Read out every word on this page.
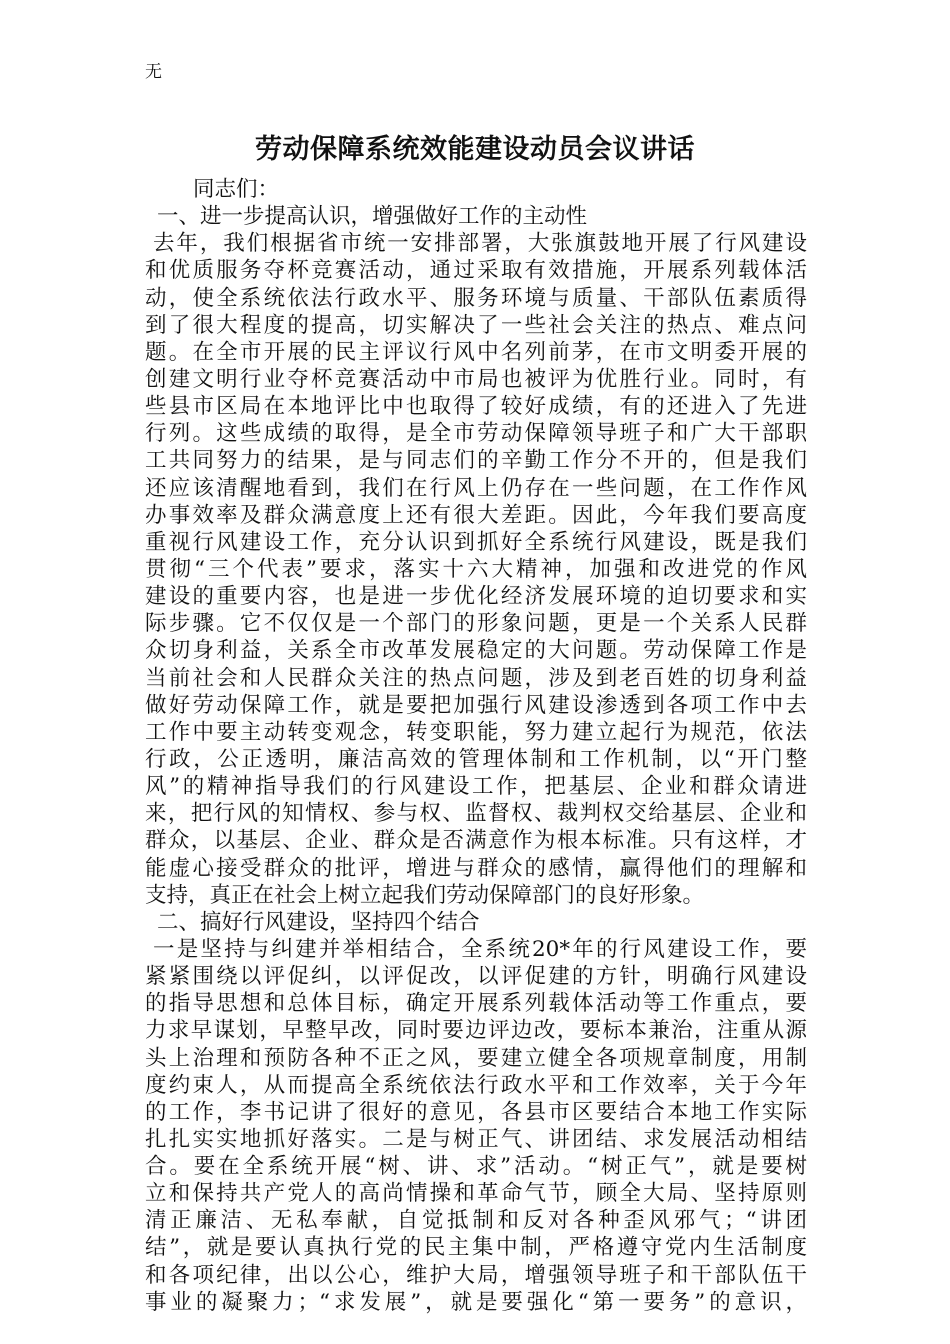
无
劳动保障系统效能建设动员会议讲话
同志们：
一、进一步提高认识，增强做好工作的主动性
去年，我们根据省市统一安排部署，大张旗鼓地开展了行风建设
和优质服务夺杯竞赛活动，通过采取有效措施，开展系列载体活
动，使全系统依法行政水平、服务环境与质量、干部队伍素质得
到了很大程度的提高，切实解决了一些社会关注的热点、难点问
题。在全市开展的民主评议行风中名列前茅，在市文明委开展的
创建文明行业夺杯竞赛活动中市局也被评为优胜行业。同时，有
些县市区局在本地评比中也取得了较好成绩，有的还进入了先进
行列。这些成绩的取得，是全市劳动保障领导班子和广大干部职
工共同努力的结果，是与同志们的辛勤工作分不开的，但是我们
还应该清醒地看到，我们在行风上仍存在一些问题，在工作作风
办事效率及群众满意度上还有很大差距。因此，今年我们要高度
重视行风建设工作，充分认识到抓好全系统行风建设，既是我们
贯彻“三个代表”要求，落实十六大精神，加强和改进党的作风
建设的重要内容，也是进一步优化经济发展环境的迫切要求和实
际步骤。它不仅仅是一个部门的形象问题，更是一个关系人民群
众切身利益，关系全市改革发展稳定的大问题。劳动保障工作是
当前社会和人民群众关注的热点问题，涉及到老百姓的切身利益
做好劳动保障工作，就是要把加强行风建设渗透到各项工作中去
工作中要主动转变观念，转变职能，努力建立起行为规范，依法
行政，公正透明，廉洁高效的管理体制和工作机制，以“开门整
风”的精神指导我们的行风建设工作，把基层、企业和群众请进
来，把行风的知情权、参与权、监督权、裁判权交给基层、企业和
群众，以基层、企业、群众是否满意作为根本标准。只有这样，才
能虚心接受群众的批评，增进与群众的感情，赢得他们的理解和
支持，真正在社会上树立起我们劳动保障部门的良好形象。
二、搞好行风建设，坚持四个结合
一是坚持与纠建并举相结合，全系统20*年的行风建设工作，要
紧紧围绕以评促纠，以评促改，以评促建的方针，明确行风建设
的指导思想和总体目标，确定开展系列载体活动等工作重点，要
力求早谋划，早整早改，同时要边评边改，要标本兼治，注重从源
头上治理和预防各种不正之风，要建立健全各项规章制度，用制
度约束人，从而提高全系统依法行政水平和工作效率，关于今年
的工作，李书记讲了很好的意见，各县市区要结合本地工作实际
扎扎实实地抓好落实。二是与树正气、讲团结、求发展活动相结
合。要在全系统开展“树、讲、求”活动。“树正气”，就是要树
立和保持共产党人的高尚情操和革命气节，顾全大局、坚持原则
清正廉洁、无私奉献，自觉抵制和反对各种歪风邪气；“讲团
结”，就是要认真执行党的民主集中制，严格遵守党内生活制度
和各项纪律，出以公心，维护大局，增强领导班子和干部队伍干
事业的凝聚力；“求发展”，就是要强化“第一要务”的意识，
